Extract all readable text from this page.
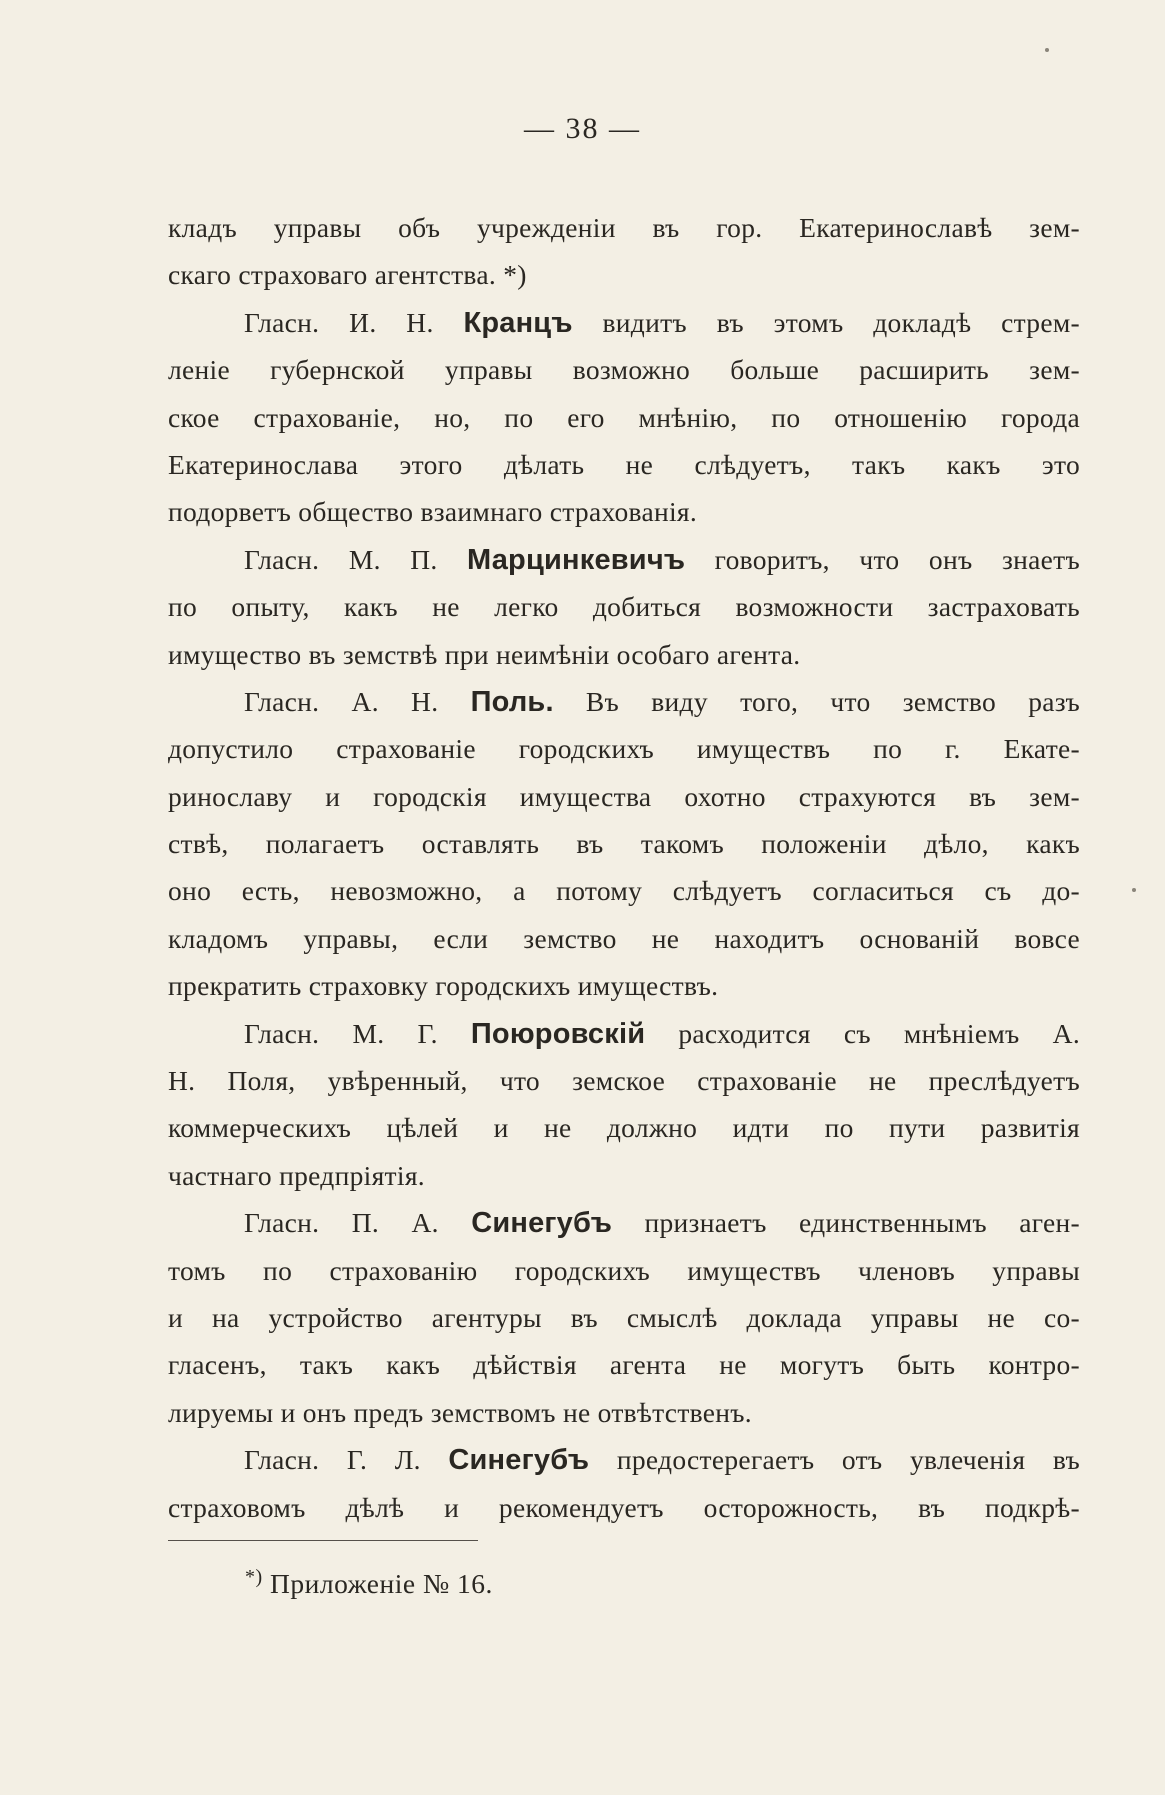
— 38 —
кладъ управы объ учрежденіи въ гор. Екатеринославѣ зем-
скаго страховаго агентства. *)
Гласн. И. Н. Кранцъ видитъ въ этомъ докладѣ стрем-
леніе губернской управы возможно больше расширить зем-
ское страхованіе, но, по его мнѣнію, по отношенію города
Екатеринослава этого дѣлать не слѣдуетъ, такъ какъ это
подорветъ общество взаимнаго страхованія.
Гласн. М. П. Марцинкевичъ говоритъ, что онъ знаетъ
по опыту, какъ не легко добиться возможности застраховать
имущество въ земствѣ при неимѣніи особаго агента.
Гласн. А. Н. Поль. Въ виду того, что земство разъ
допустило страхованіе городскихъ имуществъ по г. Екате-
ринославу и городскія имущества охотно страхуются въ зем-
ствѣ, полагаетъ оставлять въ такомъ положеніи дѣло, какъ
оно есть, невозможно, а потому слѣдуетъ согласиться съ до-
кладомъ управы, если земство не находитъ основаній вовсе
прекратить страховку городскихъ имуществъ.
Гласн. М. Г. Поюровскій расходится съ мнѣніемъ А.
Н. Поля, увѣренный, что земское страхованіе не преслѣдуетъ
коммерческихъ цѣлей и не должно идти по пути развитія
частнаго предпріятія.
Гласн. П. А. Синегубъ признаетъ единственнымъ аген-
томъ по страхованію городскихъ имуществъ членовъ управы
и на устройство агентуры въ смыслѣ доклада управы не со-
гласенъ, такъ какъ дѣйствія агента не могутъ быть контро-
лируемы и онъ предъ земствомъ не отвѣтственъ.
Гласн. Г. Л. Синегубъ предостерегаетъ отъ увлеченія въ
страховомъ дѣлѣ и рекомендуетъ осторожность, въ подкрѣ-
*) Приложеніе № 16.
